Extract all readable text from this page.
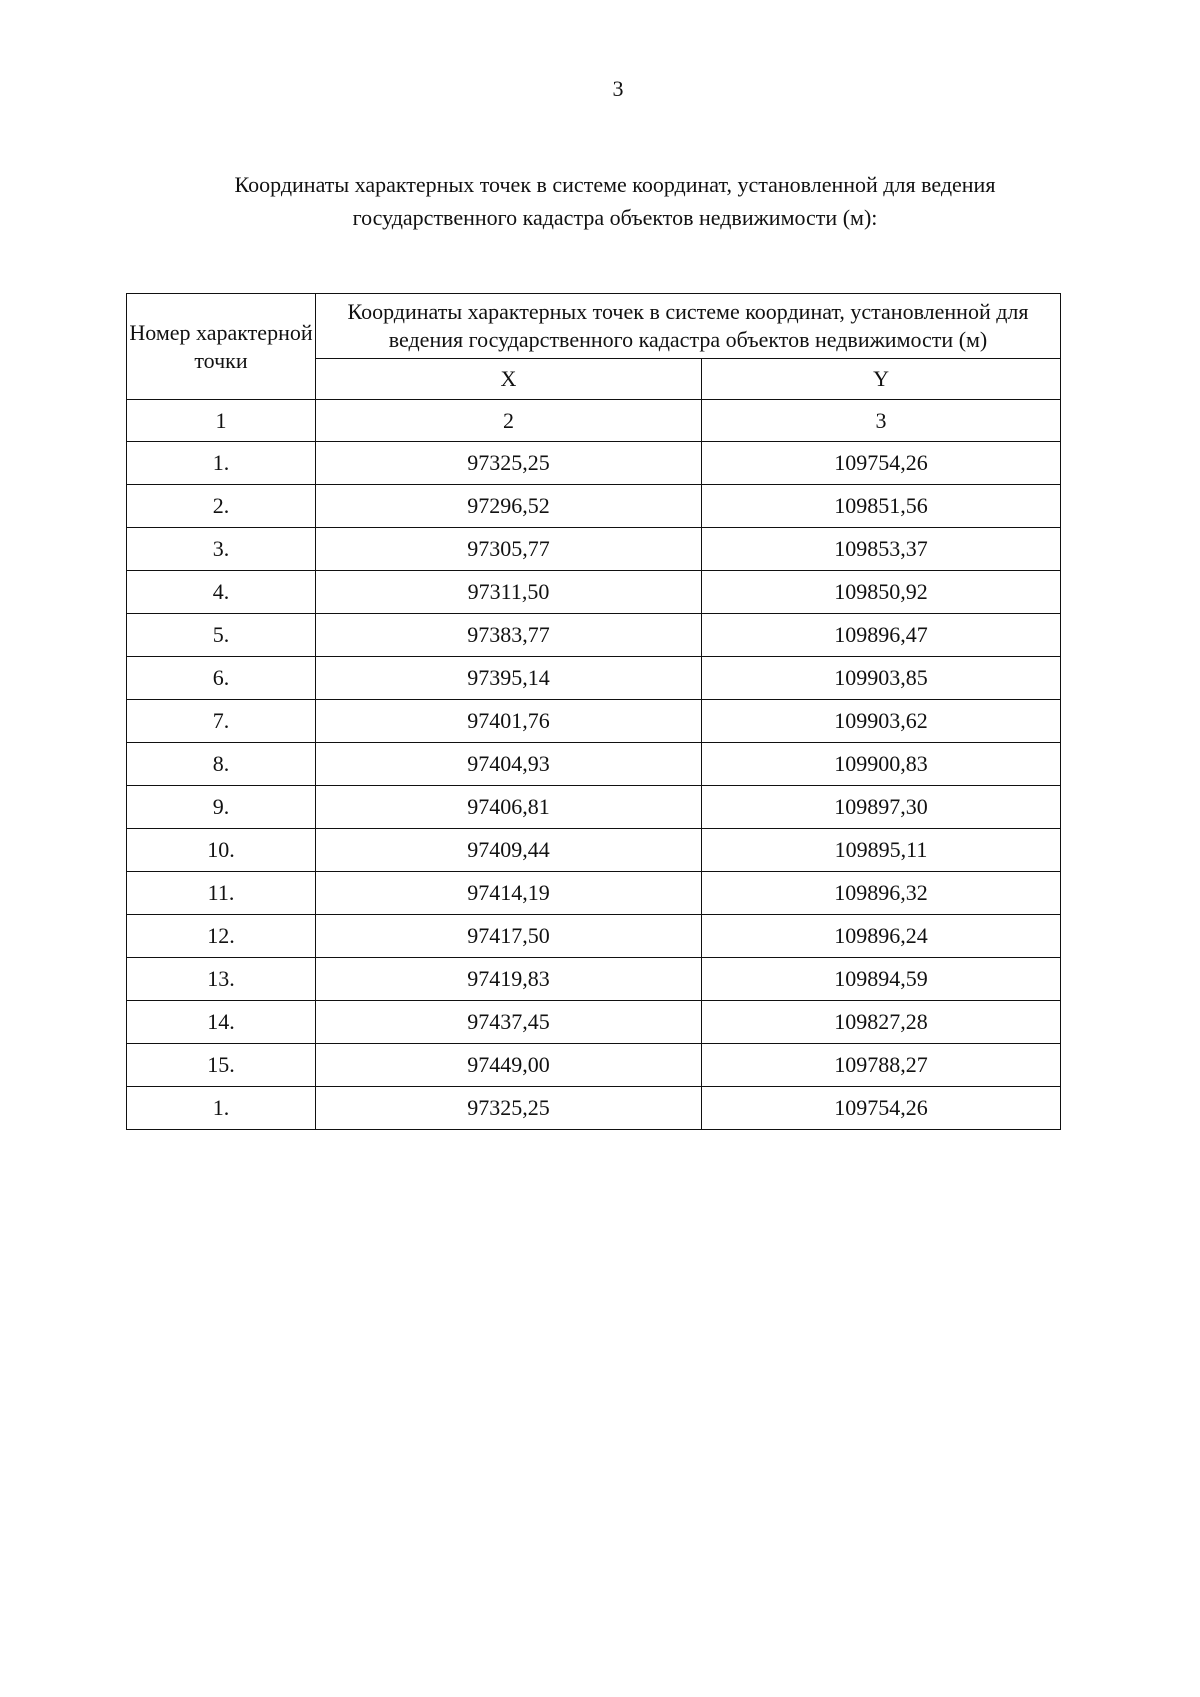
3
Координаты характерных точек в системе координат, установленной для ведения государственного кадастра объектов недвижимости (м):
Номер характерной точки	Координаты характерных точек в системе координат, установленной для ведения государственного кадастра объектов недвижимости (м)	
	X	Y
1	2	3
1.	97325,25	109754,26
2.	97296,52	109851,56
3.	97305,77	109853,37
4.	97311,50	109850,92
5.	97383,77	109896,47
6.	97395,14	109903,85
7.	97401,76	109903,62
8.	97404,93	109900,83
9.	97406,81	109897,30
10.	97409,44	109895,11
11.	97414,19	109896,32
12.	97417,50	109896,24
13.	97419,83	109894,59
14.	97437,45	109827,28
15.	97449,00	109788,27
1.	97325,25	109754,26
